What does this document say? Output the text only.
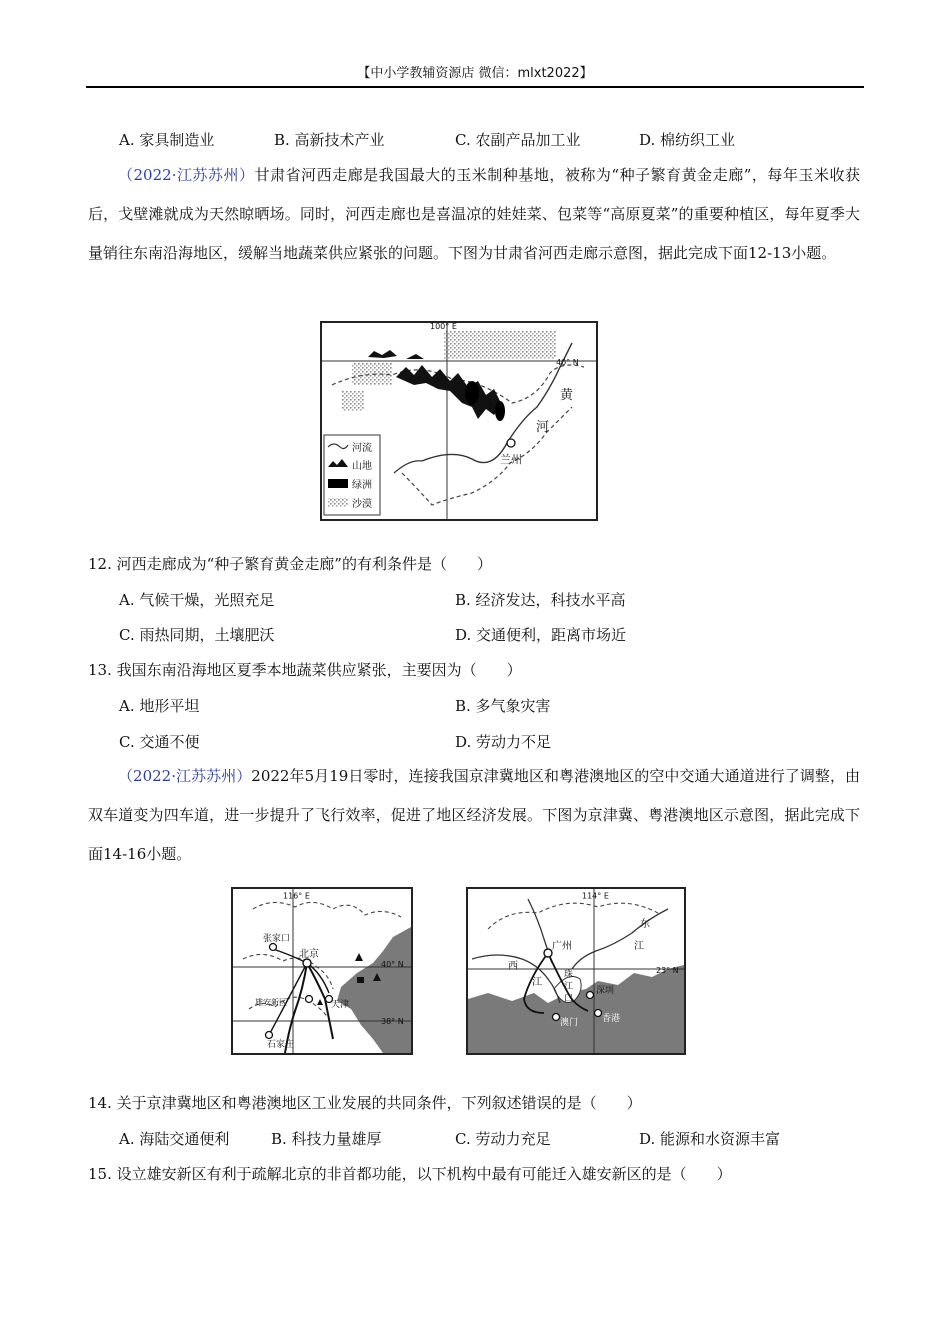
【中小学教辅资源店 微信：mlxt2022】
A. 家具制造业	B. 高新技术产业	C. 农副产品加工业	D. 棉纺织工业
（2022·江苏苏州）甘肃省河西走廊是我国最大的玉米制种基地，被称为“种子繁育黄金走廊”，每年玉米收获后，戈壁滩就成为天然晾晒场。同时，河西走廊也是喜温凉的娃娃菜、包菜等“高原夏菜”的重要种植区，每年夏季大量销往东南沿海地区，缓解当地蔬菜供应紧张的问题。下图为甘肃省河西走廊示意图，据此完成下面12-13小题。
100° E
40° N
祁
连
山
脉
黄
河
兰州
河流
山地
绿洲
沙漠
12. 河西走廊成为“种子繁育黄金走廊”的有利条件是（　　）
A. 气候干燥，光照充足	B. 经济发达，科技水平高
C. 雨热同期，土壤肥沃	D. 交通便利，距离市场近
13. 我国东南沿海地区夏季本地蔬菜供应紧张，主要因为（　　）
A. 地形平坦	B. 多气象灾害
C. 交通不便	D. 劳动力不足
（2022·江苏苏州）2022年5月19日零时，连接我国京津冀地区和粤港澳地区的空中交通大通道进行了调整，由双车道变为四车道，进一步提升了飞行效率，促进了地区经济发展。下图为京津冀、粤港澳地区示意图，据此完成下面14-16小题。
116° E
40° N
38° N
张家口
北京
雄安新区	天津
石家庄
114° E
23° N
广州
深圳
香港
澳门
东
江
西
江
珠
江
口
14. 关于京津冀地区和粤港澳地区工业发展的共同条件，下列叙述错误的是（　　）
A. 海陆交通便利	B. 科技力量雄厚	C. 劳动力充足	D. 能源和水资源丰富
15. 设立雄安新区有利于疏解北京的非首都功能，以下机构中最有可能迁入雄安新区的是（　　）
